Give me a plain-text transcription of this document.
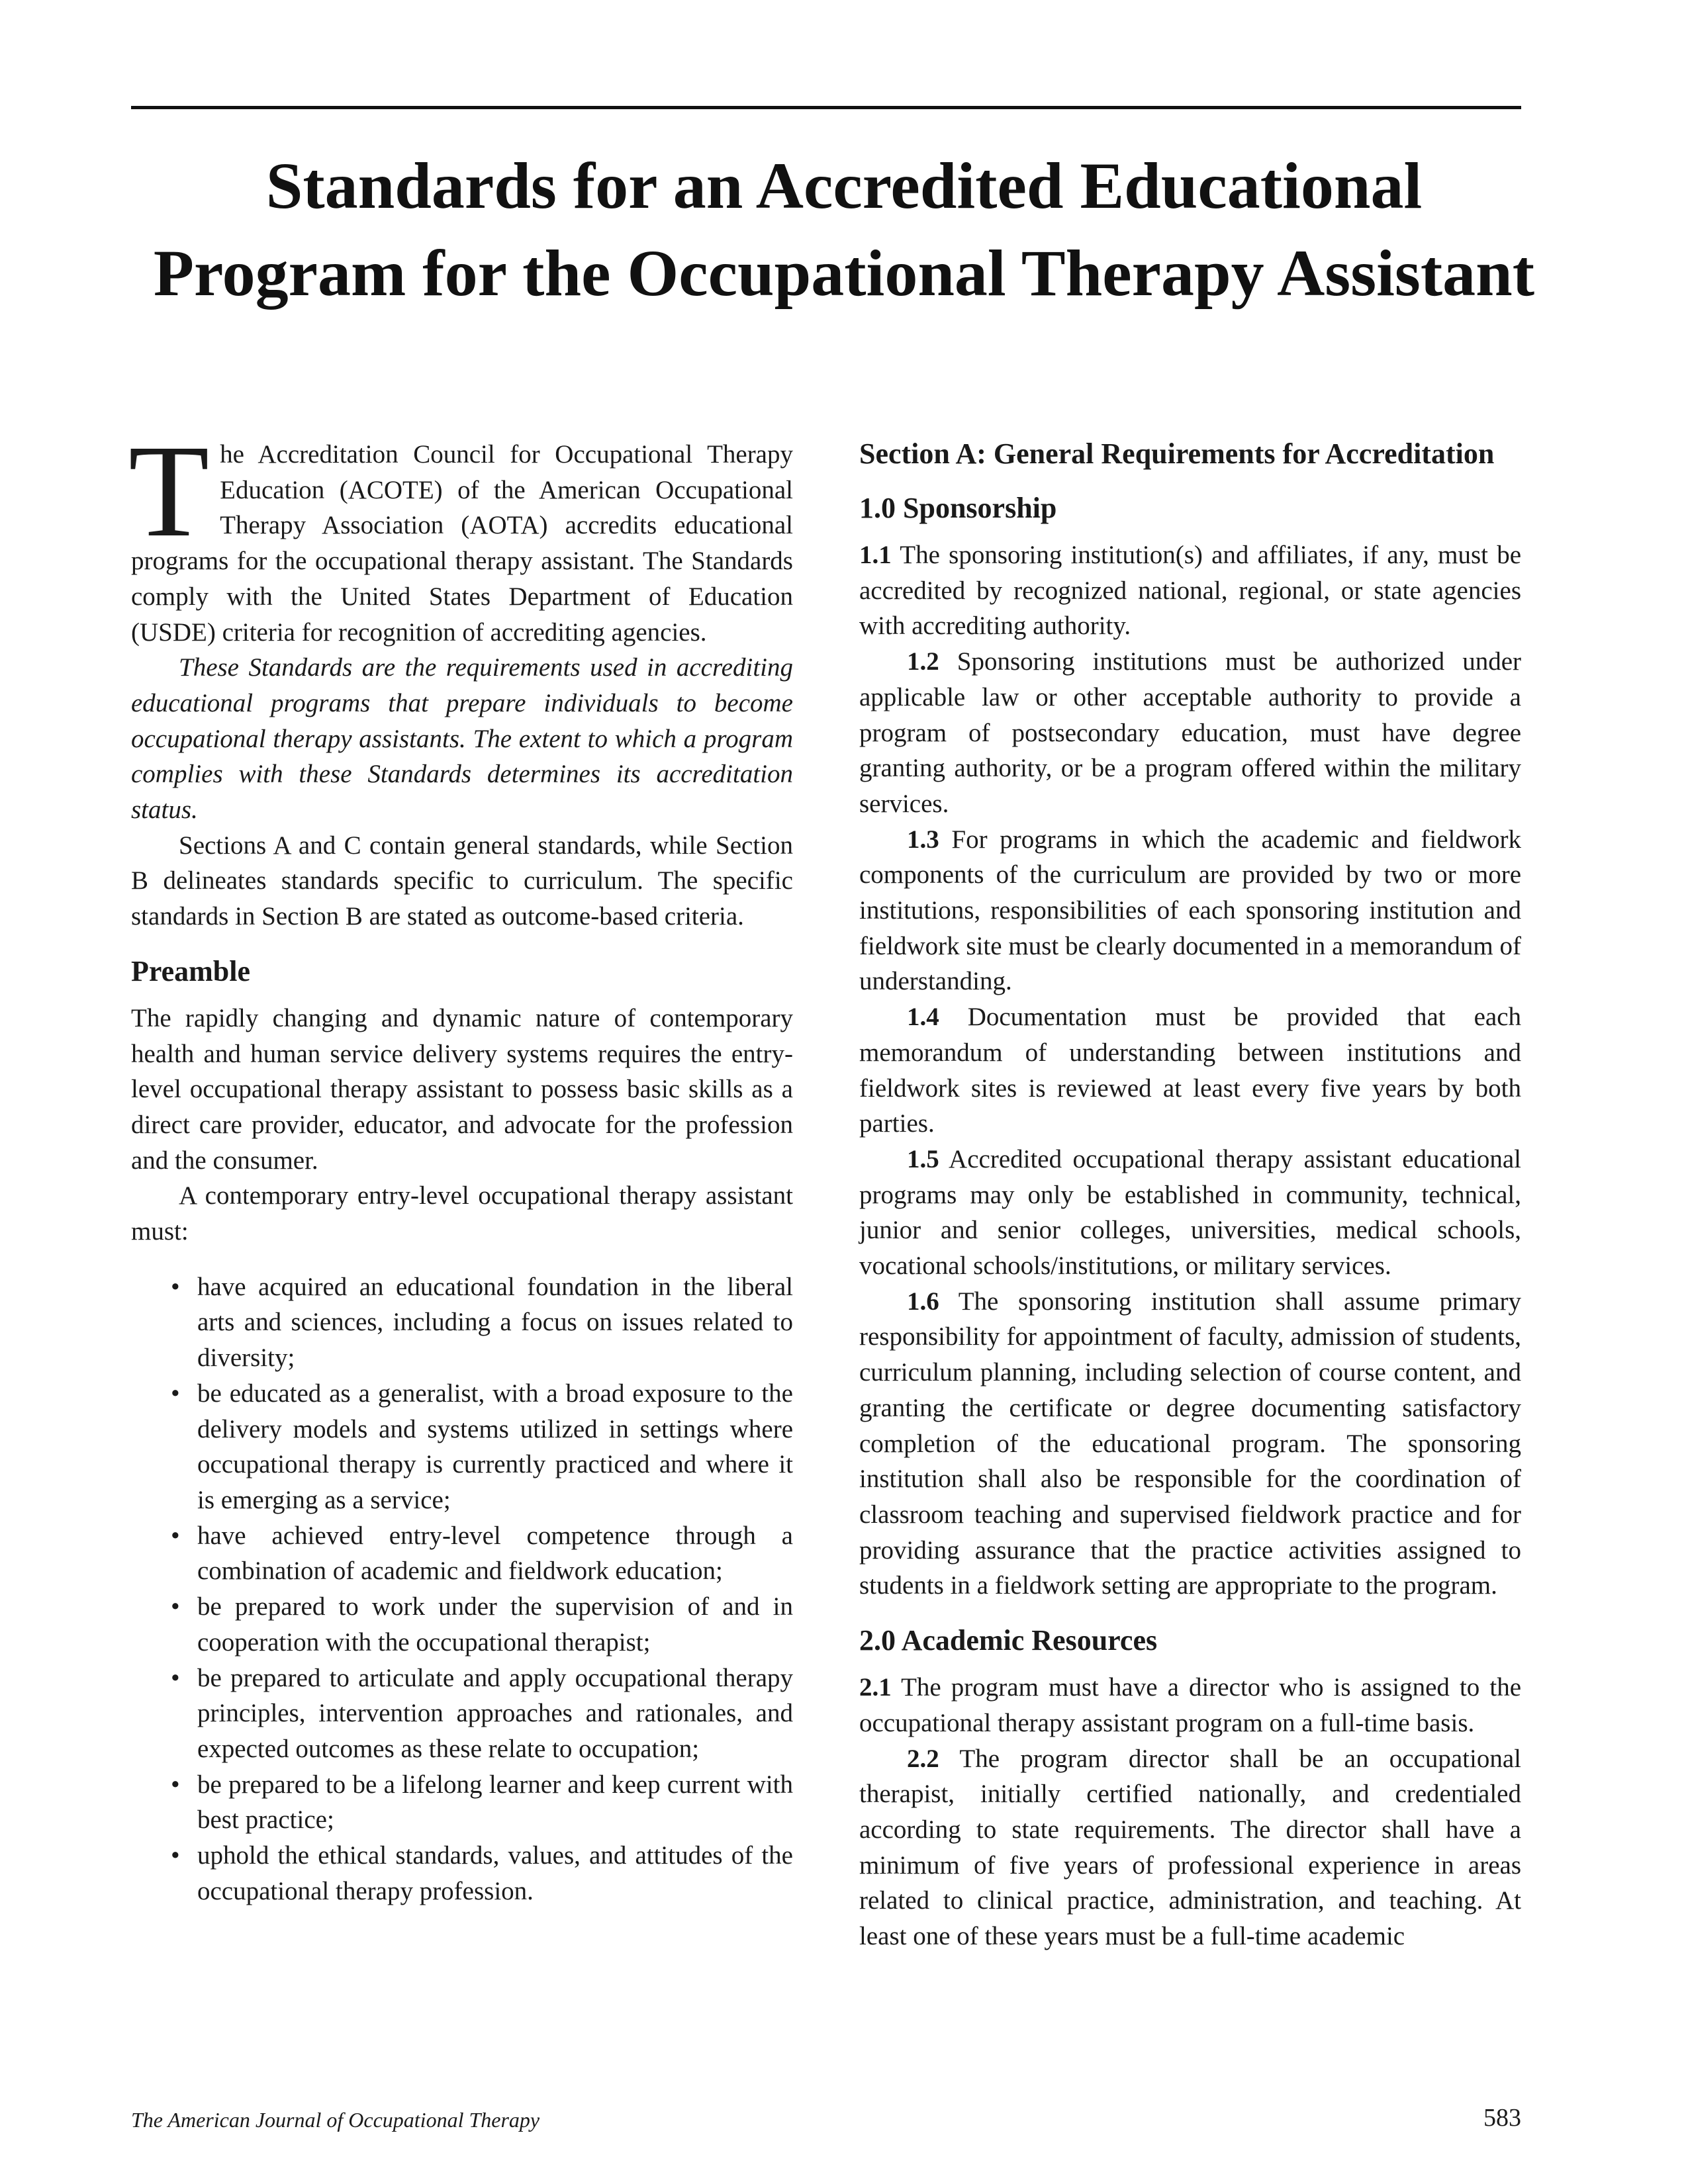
Standards for an Accredited Educational
Program for the Occupational Therapy Assistant

The Accreditation Council for Occupational Therapy Education (ACOTE) of the American Occupational Therapy Association (AOTA) accredits educational programs for the occupational therapy assistant. The Standards comply with the United States Department of Education (USDE) criteria for recognition of accrediting agencies.

These Standards are the requirements used in accrediting educational programs that prepare individuals to become occupational therapy assistants. The extent to which a program complies with these Standards determines its accreditation status.

Sections A and C contain general standards, while Section B delineates standards specific to curriculum. The specific standards in Section B are stated as outcome-based criteria.

Preamble

The rapidly changing and dynamic nature of contemporary health and human service delivery systems requires the entry-level occupational therapy assistant to possess basic skills as a direct care provider, educator, and advocate for the profession and the consumer.

A contemporary entry-level occupational therapy assistant must:

• have acquired an educational foundation in the liberal arts and sciences, including a focus on issues related to diversity;
• be educated as a generalist, with a broad exposure to the delivery models and systems utilized in settings where occupational therapy is currently practiced and where it is emerging as a service;
• have achieved entry-level competence through a combination of academic and fieldwork education;
• be prepared to work under the supervision of and in cooperation with the occupational therapist;
• be prepared to articulate and apply occupational therapy principles, intervention approaches and rationales, and expected outcomes as these relate to occupation;
• be prepared to be a lifelong learner and keep current with best practice;
• uphold the ethical standards, values, and attitudes of the occupational therapy profession.
Section A: General Requirements for Accreditation
1.0 Sponsorship

1.1 The sponsoring institution(s) and affiliates, if any, must be accredited by recognized national, regional, or state agencies with accrediting authority.

1.2 Sponsoring institutions must be authorized under applicable law or other acceptable authority to provide a program of postsecondary education, must have degree granting authority, or be a program offered within the military services.

1.3 For programs in which the academic and fieldwork components of the curriculum are provided by two or more institutions, responsibilities of each sponsoring institution and fieldwork site must be clearly documented in a memorandum of understanding.

1.4 Documentation must be provided that each memorandum of understanding between institutions and fieldwork sites is reviewed at least every five years by both parties.

1.5 Accredited occupational therapy assistant educational programs may only be established in community, technical, junior and senior colleges, universities, medical schools, vocational schools/institutions, or military services.

1.6 The sponsoring institution shall assume primary responsibility for appointment of faculty, admission of students, curriculum planning, including selection of course content, and granting the certificate or degree documenting satisfactory completion of the educational program. The sponsoring institution shall also be responsible for the coordination of classroom teaching and supervised fieldwork practice and for providing assurance that the practice activities assigned to students in a fieldwork setting are appropriate to the program.

2.0 Academic Resources

2.1 The program must have a director who is assigned to the occupational therapy assistant program on a full-time basis.

2.2 The program director shall be an occupational therapist, initially certified nationally, and credentialed according to state requirements. The director shall have a minimum of five years of professional experience in areas related to clinical practice, administration, and teaching. At least one of these years must be a full-time academic

The American Journal of Occupational Therapy	583
